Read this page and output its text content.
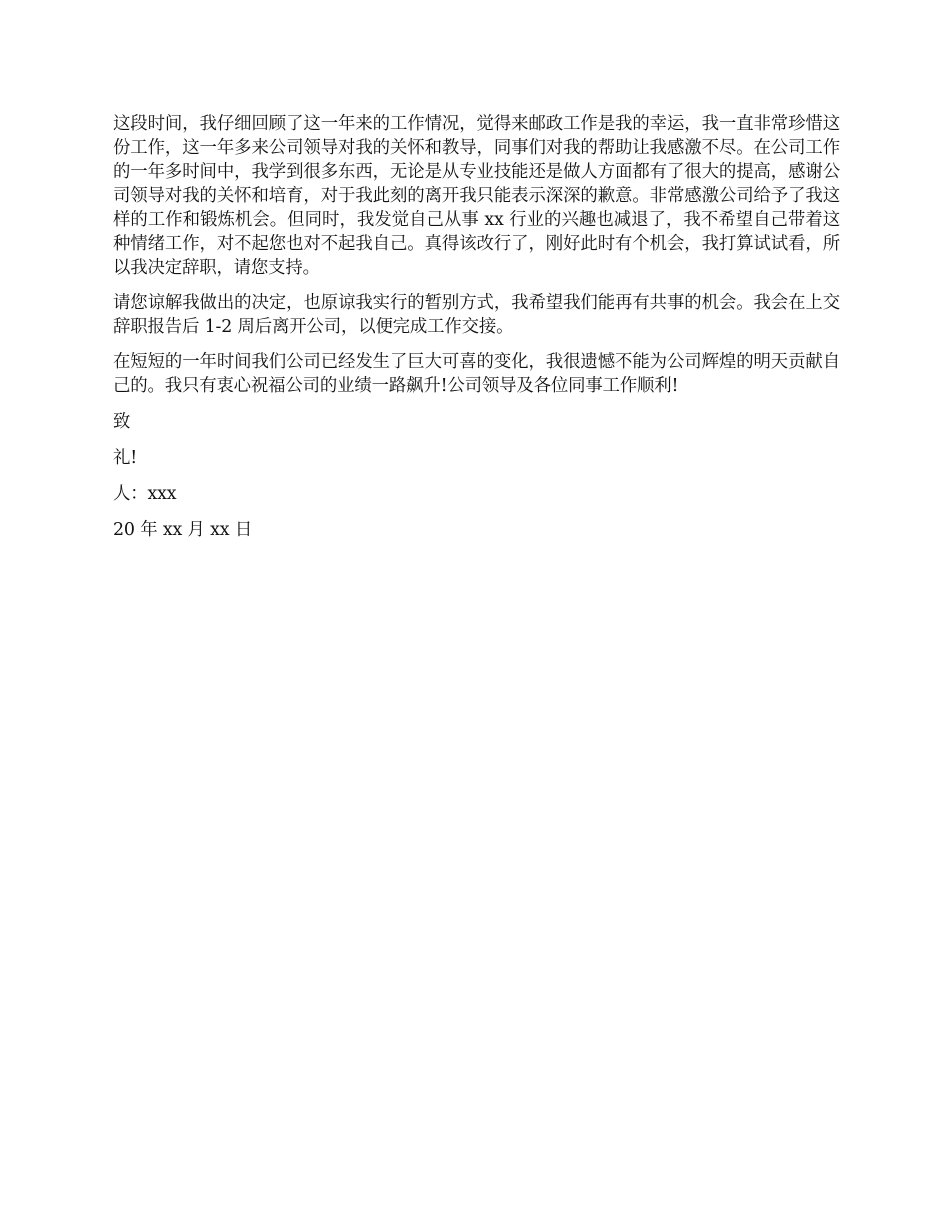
这段时间，我仔细回顾了这一年来的工作情况，觉得来邮政工作是我的幸运，我一直非常珍惜这份工作，这一年多来公司领导对我的关怀和教导，同事们对我的帮助让我感激不尽。在公司工作的一年多时间中，我学到很多东西，无论是从专业技能还是做人方面都有了很大的提高，感谢公司领导对我的关怀和培育，对于我此刻的离开我只能表示深深的歉意。非常感激公司给予了我这样的工作和锻炼机会。但同时，我发觉自己从事 xx 行业的兴趣也减退了，我不希望自己带着这种情绪工作，对不起您也对不起我自己。真得该改行了，刚好此时有个机会，我打算试试看，所以我决定辞职，请您支持。

请您谅解我做出的决定，也原谅我实行的暂别方式，我希望我们能再有共事的机会。我会在上交辞职报告后 1-2 周后离开公司，以便完成工作交接。

在短短的一年时间我们公司已经发生了巨大可喜的变化，我很遗憾不能为公司辉煌的明天贡献自己的。我只有衷心祝福公司的业绩一路飙升!公司领导及各位同事工作顺利!

致

礼!

人：xxx

20 年 xx 月 xx 日
